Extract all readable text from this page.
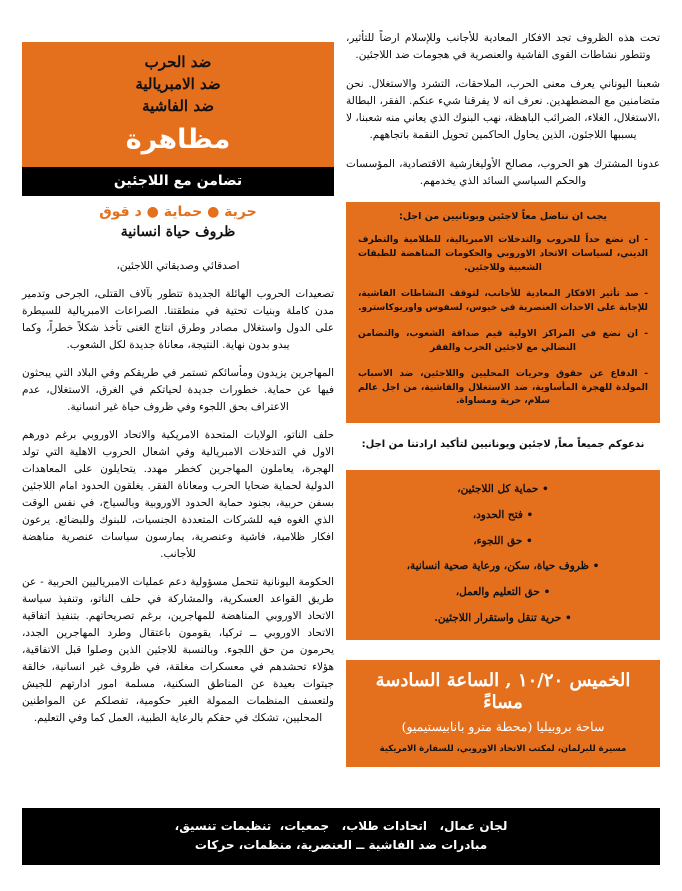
ضد الحرب
ضد الامبريالية
ضد الفاشية
مظاهرة
تضامن مع اللاجئين
حرية ● حماية ● د قوق
ظروف حياة انسانية

اصدقائي وصديقاتي اللاجئين،

تصعيدات الحروب الهائلة الجديدة تتطور بآلاف القتلى، الجرحى وتدمير مدن كاملة وبنيات تحتية في منطقتنا. الصراعات الامبريالية للسيطرة على الدول واستغلال مصادر وطرق انتاج الغنى تأخذ شكلاً خطراً، وكما يبدو بدون نهاية. النتيجة، معاناة جديدة لكل الشعوب.

المهاجرين يزيدون ومأسائكم تستمر في طريقكم وفي البلاد التي يبحثون فيها عن حماية. خطورات جديدة لحياتكم في الغرق، الاستغلال، عدم الاعتراف بحق اللجوء وفي ظروف حياة غير انسانية.

حلف الناتو، الولايات المتحدة الامريكية والاتحاد الاوروبي برغم دورهم الاول في التدخلات الامبريالية وفي اشعال الحروب الاهلية التي تولد الهجرة، يعاملون المهاجرين كخطر مهدد. يتحايلون على المعاهدات الدولية لحماية ضحايا الحرب ومعاناة الفقر. يغلقون الحدود امام اللاجئين بسفن حربية، بجنود حماية الحدود الاوروبية وبالسياج، في نفس الوقت الذي الغوه فيه للشركات المتعددة الجنسيات، للبنوك وللبضائع. يرعون افكار ظلامية، فاشية وعنصرية، يمارسون سياسات عنصرية مناهضة للأجانب.

الحكومة اليونانية تتحمل مسؤولية دعم عمليات الامبرياليين الحربية - عن طريق القواعد العسكرية، والمشاركة في حلف الناتو، وتنفيذ سياسة الاتحاد الاوروبي المناهضة للمهاجرين، برغم تصريحاتهم. بتنفيذ اتفاقية الاتحاد الاوروبي ــ تركيا، يقومون باعتقال وطرد المهاجرين الجدد، يحرمون من حق اللجوء. وبالنسبة للاجئين الذين وصلوا قبل الاتفاقية، هؤلاء تحشدهم في معسكرات مغلقة، في ظروف غير انسانية، خالقة جيتوات بعيدة عن المناطق السكنية، مسلمة امور ادارتهم للجيش ولتعسف المنظمات الممولة الغير حكومية، تفصلكم عن المواطنين المحليين، تشكك في حقكم بالرعاية الطبية، العمل كما وفي التعليم.

تحت هذه الظروف تجد الافكار المعادية للأجانب وللإسلام ارضاً للتأثير، وتتطور نشاطات القوى الفاشية والعنصرية في هجومات ضد اللاجئين.

شعبنا اليوناني يعرف معنى الحرب، الملاحقات، التشرد والاستغلال. نحن متضامنين مع المضطهدين. نعرف انه لا يفرقنا شيء عنكم. الفقر، البطالة ،الاستغلال، الغلاء، الضرائب الباهظة، نهب البنوك الذي يعاني منه شعبنا، لا يسببها اللاجئون، الذين يحاول الحاكمين تحويل النقمة باتجاههم.

عدونا المشترك هو الحروب، مصالح الأوليغارشية الاقتصادية، المؤسسات والحكم السياسي السائد الذي يخدمهم.

يجب ان نناضل معاً لاجئين ويونانيين من اجل:
- ان نضع حداً للحروب والتدخلات الامبريالية، للظلامية والتطرف الديني، لسياسات الاتحاد الاوروبي والحكومات المناهضة للطبقات الشعبية وللاجئين.
- صد تأثير الافكار المعادية للأجانب، لتوقف النشاطات الفاشية، للإجابة على الاحداث العنصرية في خيوس، لسفوس واوريوكاسترو.
- ان نضع في المراكز الاولية قيم صداقة الشعوب، والتضامن النضالي مع لاجئين الحرب والفقر
- الدفاع عن حقوق وحريات المحليين واللاجئين، ضد الاسباب المولدة للهجرة المأساوية، ضد الاستغلال والفاشية، من اجل عالم سلام، حرية ومساواة.
ندعوكم جميعاً معاً, لاجئين ويونانيين لتأكيد ارادتنا من اجل:
• حماية كل اللاجئين،
• فتح الحدود،
• حق اللجوء،
• ظروف حياة، سكن، ورعاية صحية انسانية،
• حق التعليم والعمل،
• حرية تنقل واستقرار اللاجئين.
الخميس ١٠/٢٠ , الساعة السادسة مساءً
ساحة بروبيليا (محطة مترو بانابيستيميو)
مسيرة للبرلمان، لمكتب الاتحاد الاوروبي، للسفارة الامريكية
لجان عمال،   اتحادات طلاب،   جمعيات،  تنظيمات تنسيق،
مبادرات ضد الفاشية ــ العنصرية، منظمات، حركات
